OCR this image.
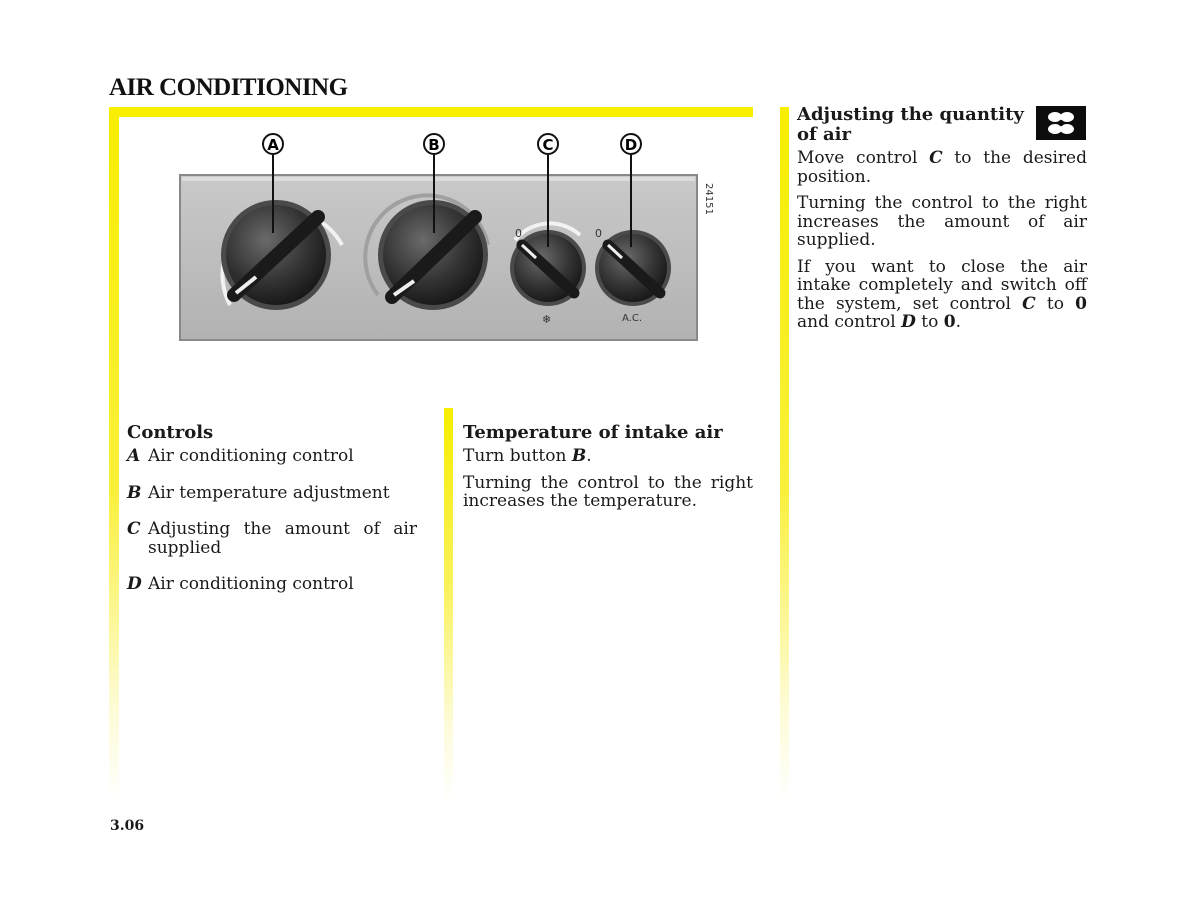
AIR CONDITIONING
0
❄
0
A.C.
A	B	C	D
24151
Controls
A Air conditioning control
B Air temperature adjustment
C Adjusting the amount of air supplied
D Air conditioning control
Temperature of intake air

Turn button B.

Turning the control to the right increases the temperature.

Adjusting the quantity of air

Move control C to the desired position.

Turning the control to the right increases the amount of air supplied.

If you want to close the air intake completely and switch off the system, set control C to 0 and control D to 0.

3.06
